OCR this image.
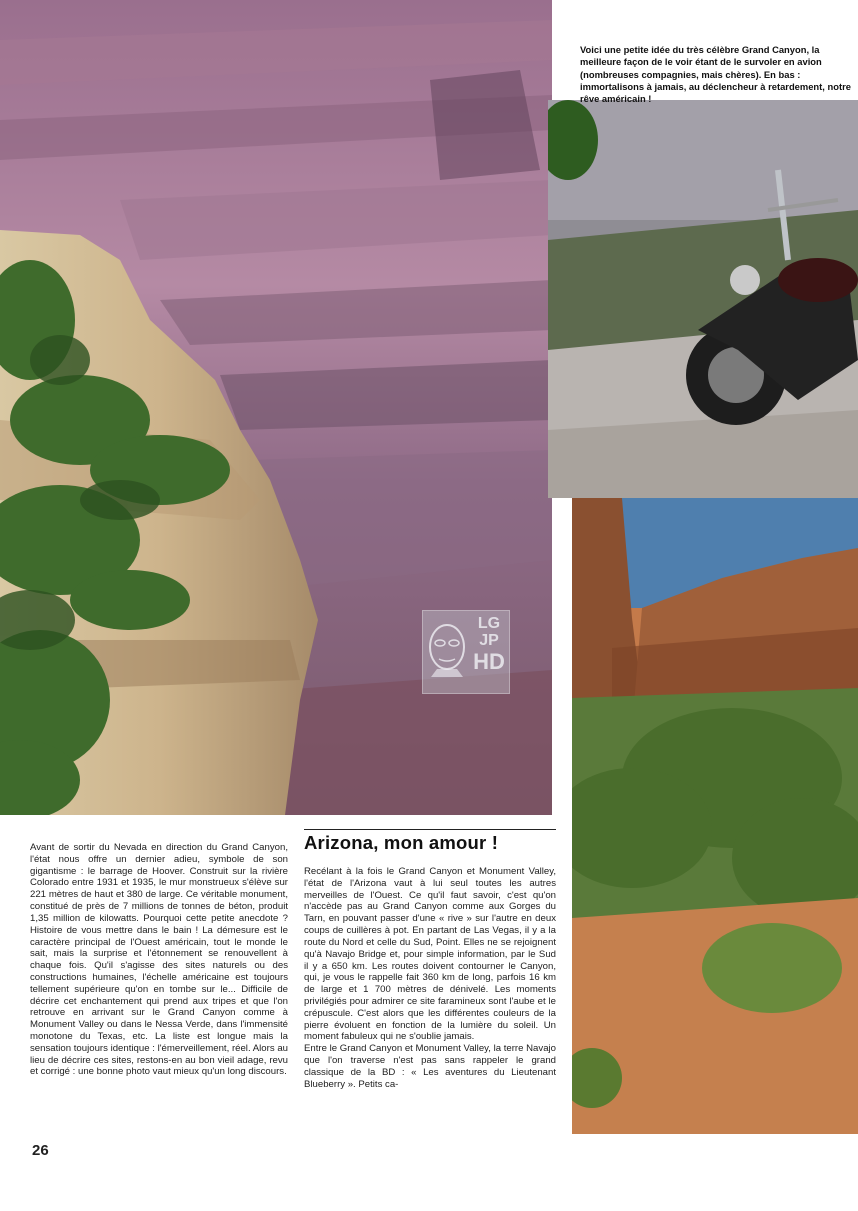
LG
JP
HD
Voici une petite idée du très célèbre Grand Canyon, la meilleure façon de le voir étant de le survoler en avion (nombreuses compagnies, mais chères). En bas : immortalisons à jamais, au déclencheur à retardement, notre rêve américain !

Avant de sortir du Nevada en direction du Grand Canyon, l'état nous offre un dernier adieu, symbole de son gigantisme : le barrage de Hoover. Construit sur la rivière Colorado entre 1931 et 1935, le mur monstrueux s'élève sur 221 mètres de haut et 380 de large. Ce véritable monument, constitué de près de 7 millions de tonnes de béton, produit 1,35 million de kilowatts. Pourquoi cette petite anecdote ? Histoire de vous mettre dans le bain ! La démesure est le caractère principal de l'Ouest américain, tout le monde le sait, mais la surprise et l'étonnement se renouvellent à chaque fois. Qu'il s'agisse des sites naturels ou des constructions humaines, l'échelle américaine est toujours tellement supérieure qu'on en tombe sur le... Difficile de décrire cet enchantement qui prend aux tripes et que l'on retrouve en arrivant sur le Grand Canyon comme à Monument Valley ou dans le Nessa Verde, dans l'immensité monotone du Texas, etc. La liste est longue mais la sensation toujours identique : l'émerveillement, réel. Alors au lieu de décrire ces sites, restons-en au bon vieil adage, revu et corrigé : une bonne photo vaut mieux qu'un long discours.

Arizona, mon amour !

Recélant à la fois le Grand Canyon et Monument Valley, l'état de l'Arizona vaut à lui seul toutes les autres merveilles de l'Ouest. Ce qu'il faut savoir, c'est qu'on n'accède pas au Grand Canyon comme aux Gorges du Tarn, en pouvant passer d'une « rive » sur l'autre en deux coups de cuillères à pot. En partant de Las Vegas, il y a la route du Nord et celle du Sud, Point. Elles ne se rejoignent qu'à Navajo Bridge et, pour simple information, par le Sud il y a 650 km. Les routes doivent contourner le Canyon, qui, je vous le rappelle fait 360 km de long, parfois 16 km de large et 1 700 mètres de dénivelé. Les moments privilégiés pour admirer ce site faramineux sont l'aube et le crépuscule. C'est alors que les différentes couleurs de la pierre évoluent en fonction de la lumière du soleil. Un moment fabuleux qui ne s'oublie jamais.

Entre le Grand Canyon et Monument Valley, la terre Navajo que l'on traverse n'est pas sans rappeler le grand classique de la BD : « Les aventures du Lieutenant Blueberry ». Petits ca-

26
